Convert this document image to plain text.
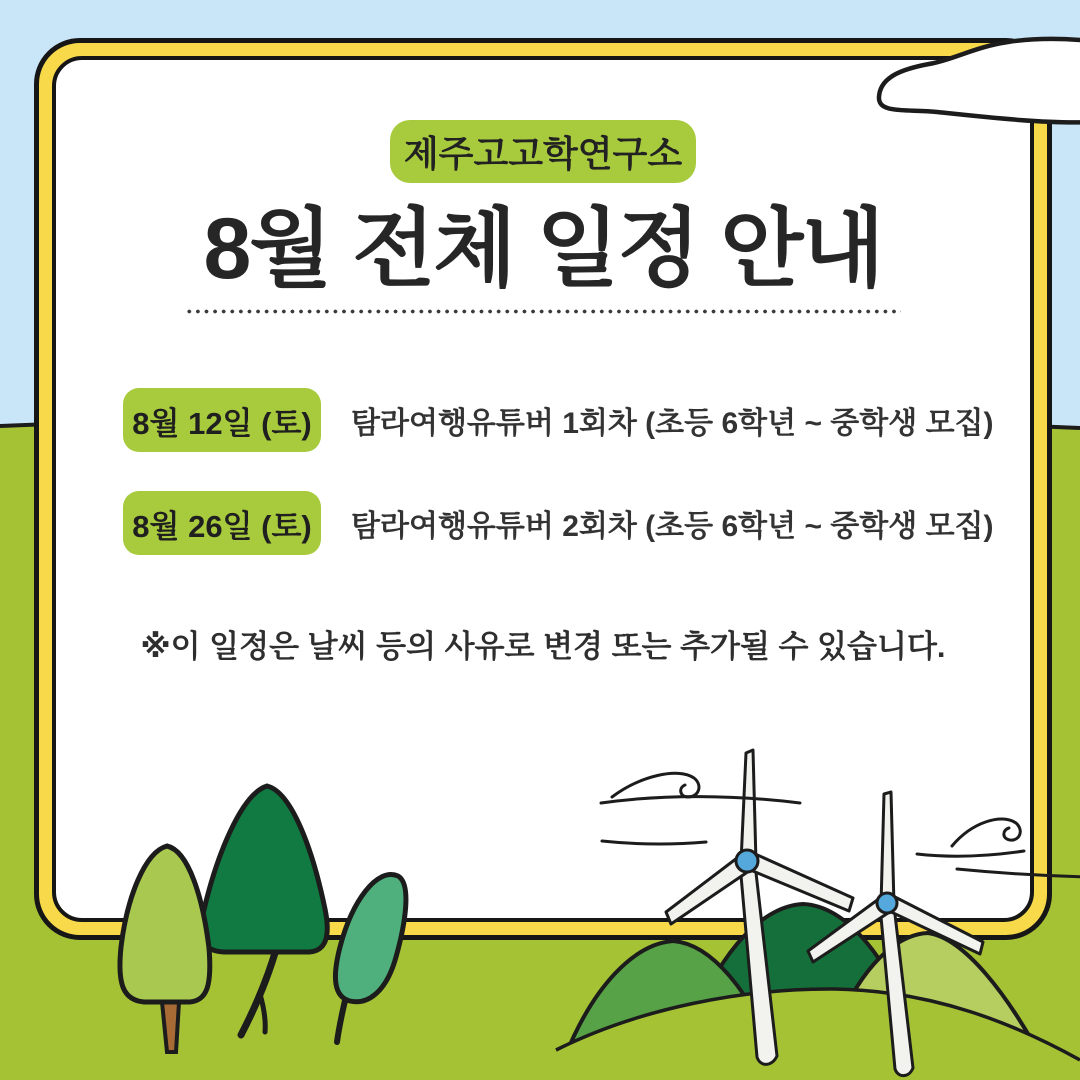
제주고고학연구소
8월 전체 일정 안내
8월 12일 (토) 탐라여행유튜버 1회차 (초등 6학년 ~ 중학생 모집)
8월 26일 (토) 탐라여행유튜버 2회차 (초등 6학년 ~ 중학생 모집)
※이 일정은 날씨 등의 사유로 변경 또는 추가될 수 있습니다.
